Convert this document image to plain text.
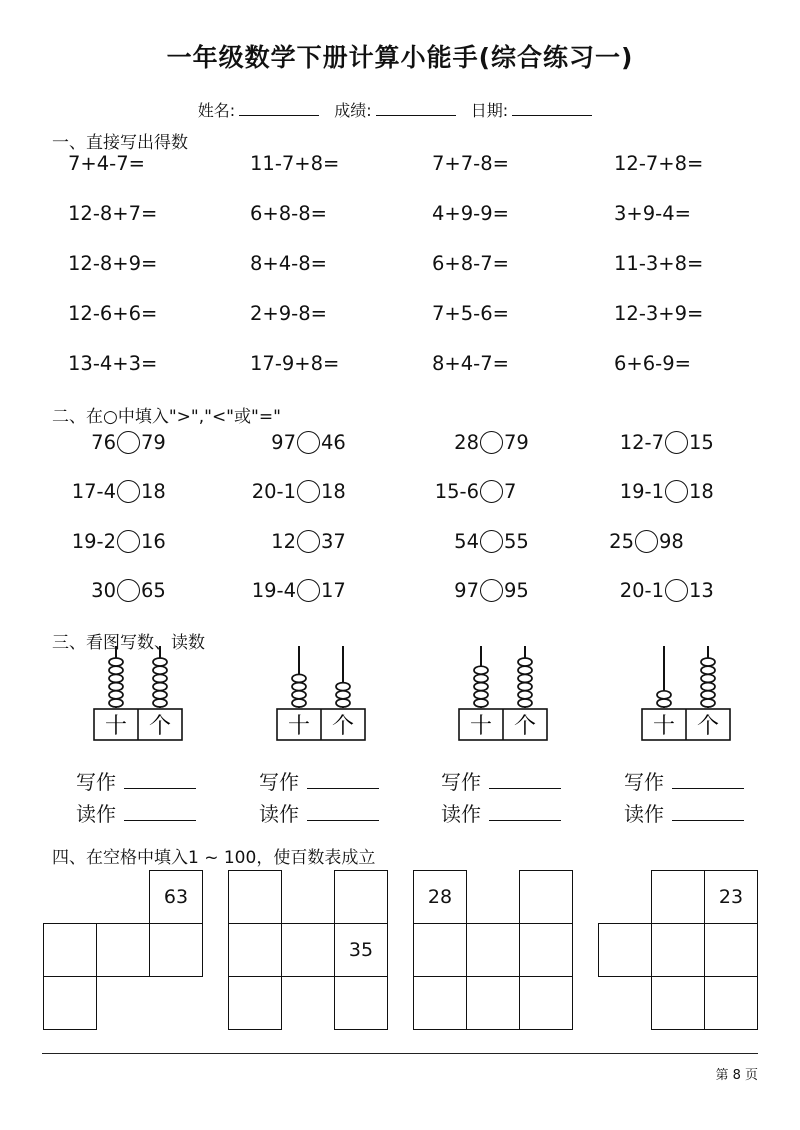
一年级数学下册计算小能手(综合练习一)
姓名:	成绩:	日期:
一、直接写出得数
7+4-7=	11-7+8=	7+7-8=	12-7+8=
12-8+7=	6+8-8=	4+9-9=	3+9-4=
12-8+9=	8+4-8=	6+8-7=	11-3+8=
12-6+6=	2+9-8=	7+5-6=	12-3+9=
13-4+3=	17-9+8=	8+4-7=	6+6-9=
二、在○中填入">","<"或"="
76 79	97 46	28 79	12-7 15
17-4 18	20-1 18	15-6 7	19-1 18
19-2 16	12 37	54 55	25 98
30 65	19-4 17	97 95	20-1 13
三、看图写数、读数
十 个
写作
读作
十 个
写作
读作
十 个
写作
读作
十 个
写作
读作
四、在空格中填入1 ~ 100，使百数表成立
63
35
28	23
第 8 页
